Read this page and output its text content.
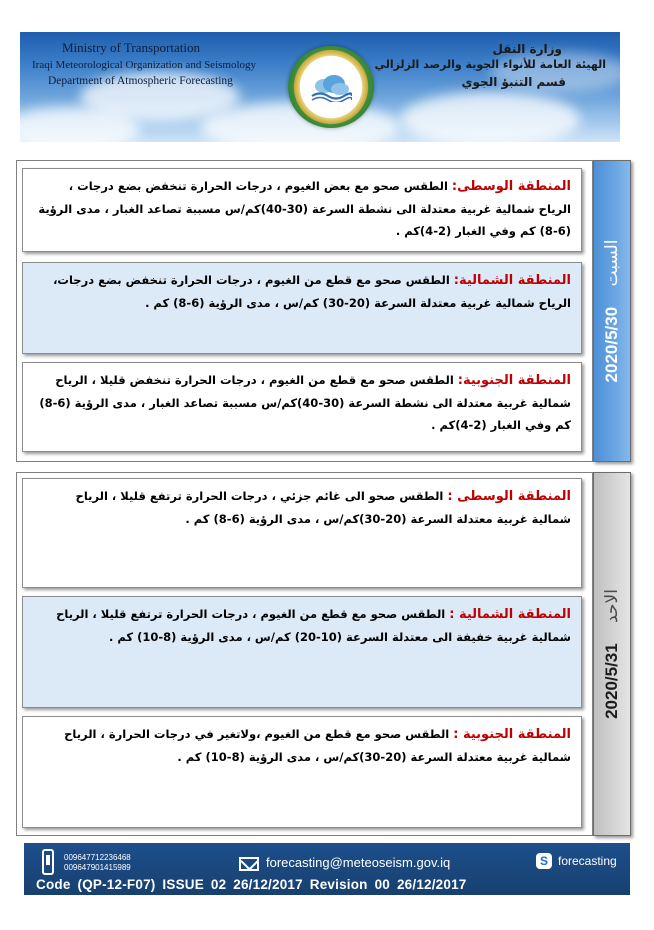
Ministry of Transportation
Iraqi Meteorological Organization and Seismology
Department of Atmospheric Forecasting
وزارة النقل
الهيئة العامة للأنواء الجوية والرصد الزلزالي
قسم التنبؤ الجوي
المنطقة الوسطى: الطقس صحو مع بعض الغيوم ، درجات الحرارة تنخفض بضع درجات ، الرياح شمالية غربية معتدلة الى نشطة السرعة (30-40)كم/س مسببة تصاعد الغبار ، مدى الرؤية (6-8) كم وفي الغبار (2-4)كم .
المنطقة الشمالية: الطقس صحو مع قطع من الغيوم ، درجات الحرارة تنخفض بضع درجات، الرياح شمالية غربية معتدلة السرعة (20-30) كم/س ، مدى الرؤية (6-8) كم .
المنطقة الجنوبية: الطقس صحو مع قطع من الغيوم ، درجات الحرارة تنخفض قليلا ، الرياح شمالية غربية معتدلة الى نشطة السرعة (30-40)كم/س مسببة تصاعد الغبار ، مدى الرؤية (6-8) كم وفي الغبار (2-4)كم .
2020/5/30    السبت
المنطقة الوسطى : الطقس صحو الى غائم جزئي ، درجات الحرارة ترتفع قليلا ، الرياح شمالية غربية معتدلة السرعة (20-30)كم/س ، مدى الرؤية (6-8) كم .
المنطقة الشمالية : الطقس صحو مع قطع من الغيوم ، درجات الحرارة ترتفع قليلا ، الرياح شمالية غربية خفيفة الى معتدلة السرعة (10-20) كم/س ، مدى الرؤية (8-10) كم .
المنطقة الجنوبية : الطقس صحو مع قطع من الغيوم ،ولاتغير في درجات الحرارة ، الرياح شمالية غربية معتدلة السرعة (20-30)كم/س ، مدى الرؤية (8-10) كم .
2020/5/31    الاحد
009647712236468
009647901415989	forecasting@meteoseism.gov.iq	S forecasting
Code (QP-12-F07) ISSUE 02 26/12/2017 Revision 00 26/12/2017
